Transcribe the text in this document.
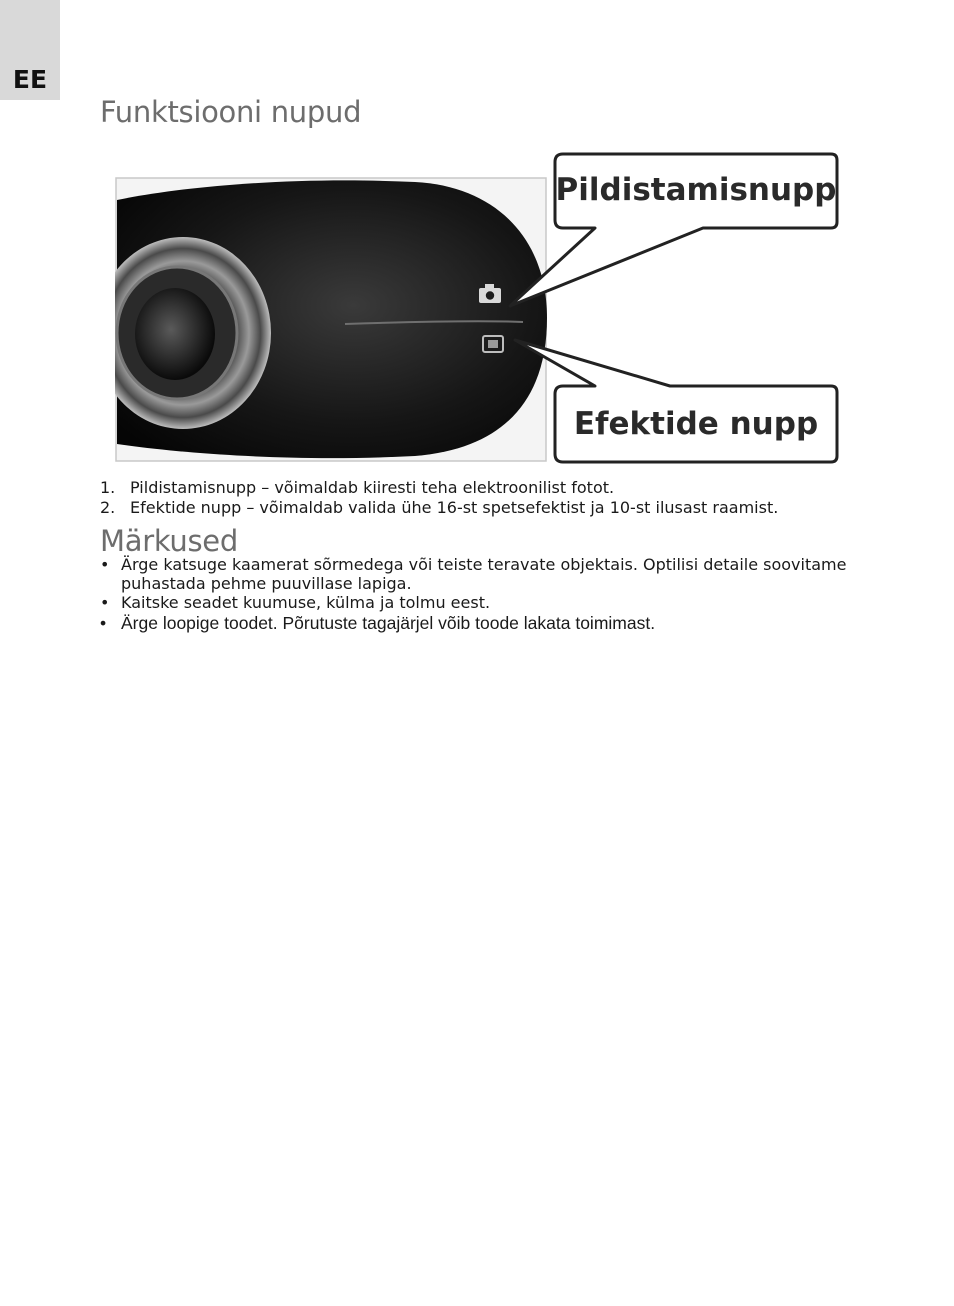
EE
Funktsiooni nupud
Pildistamisnupp
Efektide nupp
1. Pildistamisnupp – võimaldab kiiresti teha elektroonilist fotot.
2. Efektide nupp – võimaldab valida ühe 16-st spetsefektist ja 10-st ilusast raamist.
Märkused
• Ärge katsuge kaamerat sõrmedega või teiste teravate objektais. Optilisi detaile soovitame puhastada pehme puuvillase lapiga.
• Kaitske seadet kuumuse, külma ja tolmu eest.
• Ärge loopige toodet. Põrutuste tagajärjel võib toode lakata toimimast.
